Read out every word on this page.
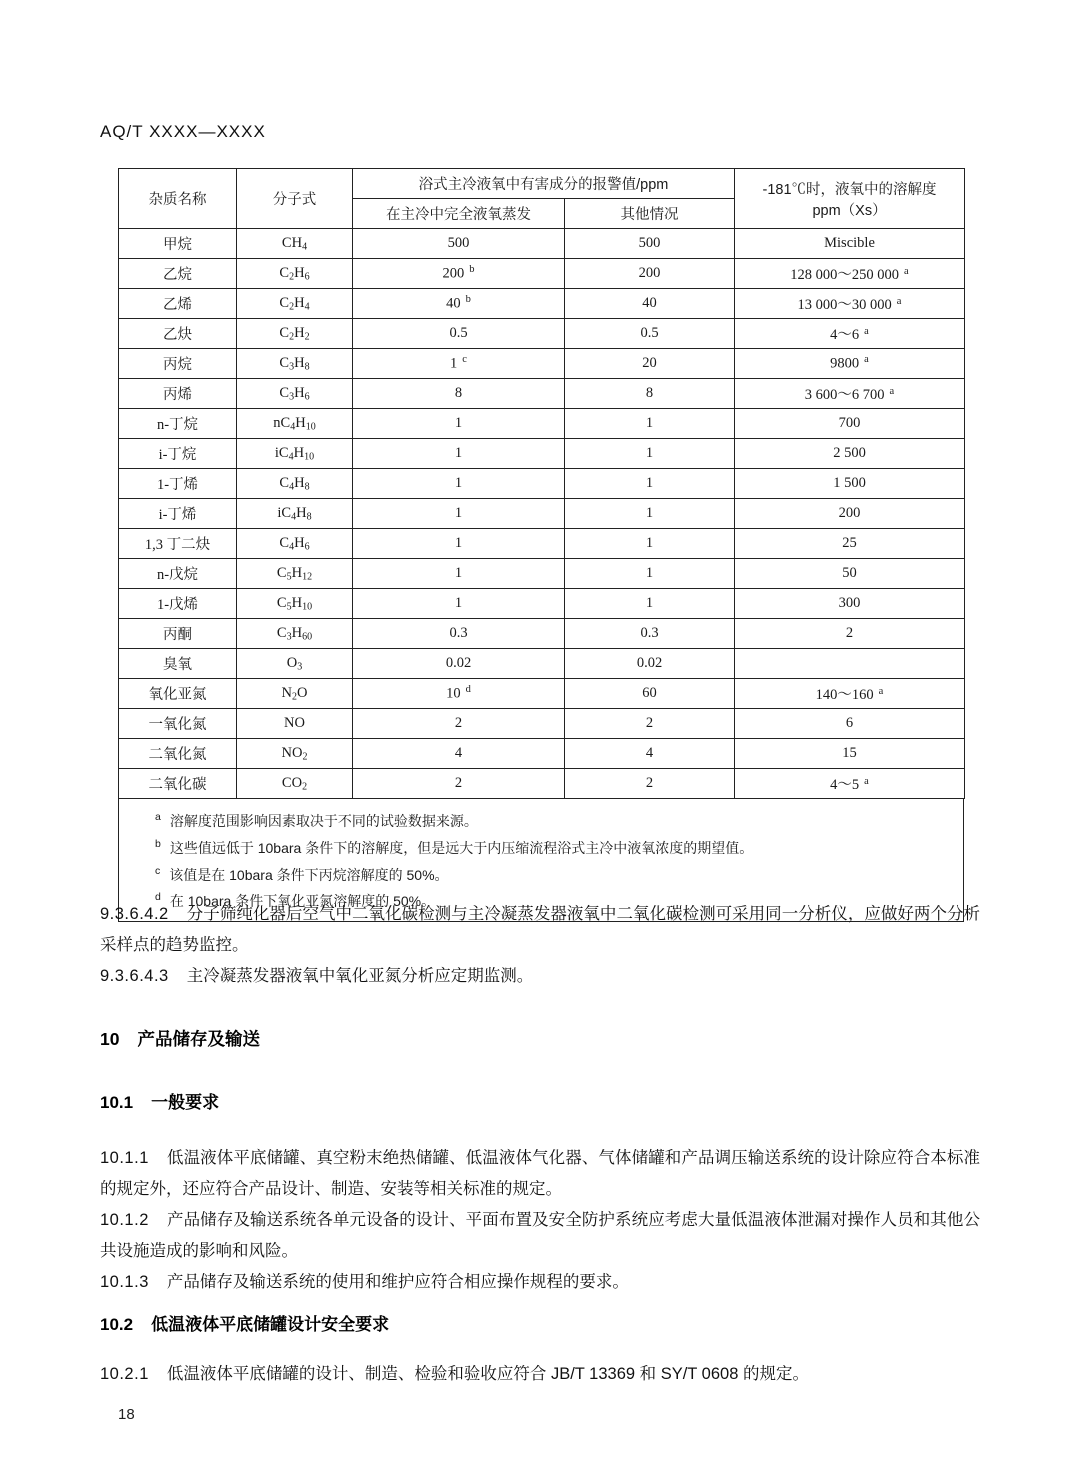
AQ/T XXXX—XXXX
杂质名称	分子式	浴式主冷液氧中有害成分的报警值/ppm		-181℃时，液氧中的溶解度
ppm（Xs）

		在主冷中完全液氧蒸发	其他情况	
甲烷	$CH_4$	500	500	Miscible
乙烷	$C_2H_6$	200 $^b$	200	128 000～250 000 $^a$
乙烯	$C_2H_4$	40 $^b$	40	13 000～30 000 $^a$
乙炔	$C_2H_2$	0.5	0.5	4～6 $^a$
丙烷	$C_3H_8$	1 $^c$	20	9800 $^a$
丙烯	$C_3H_6$	8	8	3 600～6 700 $^a$
n-丁烷	$nC_4H_{10}$	1	1	700
i-丁烷	$iC_4H_{10}$	1	1	2 500
1-丁烯	$C_4H_8$	1	1	1 500
i-丁烯	$iC_4H_8$	1	1	200
1,3 丁二炔	$C_4H_6$	1	1	25
n-戊烷	$C_5H_{12}$	1	1	50
1-戊烯	$C_5H_{10}$	1	1	300
丙酮	$C_3H_{60}$	0.3	0.3	2
臭氧	$O_3$	0.02	0.02	
氧化亚氮	$N_2O$	10 $^d$	60	140～160 $^a$
一氧化氮	NO	2	2	6
二氧化氮	$NO_2$	4	4	15
二氧化碳	$CO_2$	2	2	4～5 $^a$
$^a$ 溶解度范围影响因素取决于不同的试验数据来源。
$^b$ 这些值远低于 10bara 条件下的溶解度，但是远大于内压缩流程浴式主冷中液氧浓度的期望值。
$^c$ 该值是在 10bara 条件下丙烷溶解度的 50%。
$^d$ 在 10bara 条件下氧化亚氮溶解度的 50%。
9.3.6.4.2 分子筛纯化器后空气中二氧化碳检测与主冷凝蒸发器液氧中二氧化碳检测可采用同一分析仪，应做好两个分析采样点的趋势监控。
9.3.6.4.3 主冷凝蒸发器液氧中氧化亚氮分析应定期监测。
10 产品储存及输送
10.1 一般要求
10.1.1 低温液体平底储罐、真空粉末绝热储罐、低温液体气化器、气体储罐和产品调压输送系统的设计除应符合本标准的规定外，还应符合产品设计、制造、安装等相关标准的规定。
10.1.2 产品储存及输送系统各单元设备的设计、平面布置及安全防护系统应考虑大量低温液体泄漏对操作人员和其他公共设施造成的影响和风险。
10.1.3 产品储存及输送系统的使用和维护应符合相应操作规程的要求。
10.2 低温液体平底储罐设计安全要求
10.2.1 低温液体平底储罐的设计、制造、检验和验收应符合 JB/T 13369 和 SY/T 0608 的规定。
18
